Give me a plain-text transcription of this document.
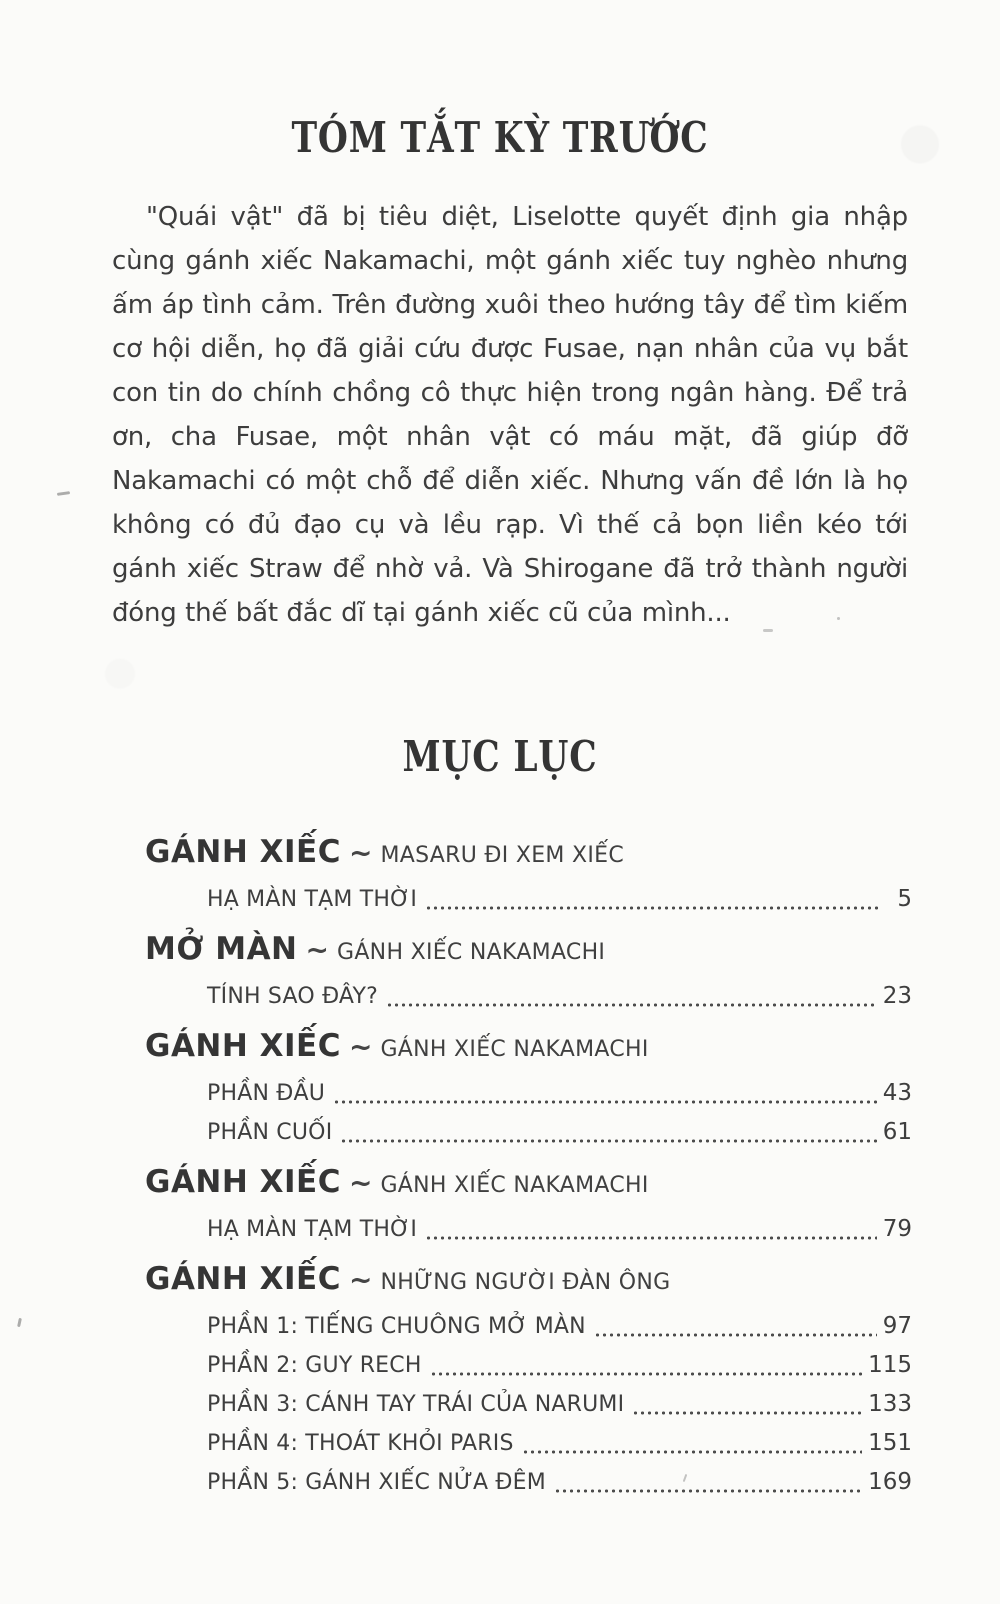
TÓM TẮT KỲ TRƯỚC

"Quái vật" đã bị tiêu diệt, Liselotte quyết định gia nhập cùng gánh xiếc Nakamachi, một gánh xiếc tuy nghèo nhưng ấm áp tình cảm. Trên đường xuôi theo hướng tây để tìm kiếm cơ hội diễn, họ đã giải cứu được Fusae, nạn nhân của vụ bắt con tin do chính chồng cô thực hiện trong ngân hàng. Để trả ơn, cha Fusae, một nhân vật có máu mặt, đã giúp đỡ Nakamachi có một chỗ để diễn xiếc. Nhưng vấn đề lớn là họ không có đủ đạo cụ và lều rạp. Vì thế cả bọn liền kéo tới gánh xiếc Straw để nhờ vả. Và Shirogane đã trở thành người đóng thế bất đắc dĩ tại gánh xiếc cũ của mình...

MỤC LỤC
GÁNH XIẾC ~ MASARU ĐI XEM XIẾC
HẠ MÀN TẠM THỜI	5
MỞ MÀN ~ GÁNH XIẾC NAKAMACHI
TÍNH SAO ĐÂY?	23
GÁNH XIẾC ~ GÁNH XIẾC NAKAMACHI
PHẦN ĐẦU	43
PHẦN CUỐI	61
GÁNH XIẾC ~ GÁNH XIẾC NAKAMACHI
HẠ MÀN TẠM THỜI	79
GÁNH XIẾC ~ NHỮNG NGƯỜI ĐÀN ÔNG
PHẦN 1: TIẾNG CHUÔNG MỞ MÀN	97
PHẦN 2: GUY RECH	115
PHẦN 3: CÁNH TAY TRÁI CỦA NARUMI	133
PHẦN 4: THOÁT KHỎI PARIS	151
PHẦN 5: GÁNH XIẾC NỬA ĐÊM	169
